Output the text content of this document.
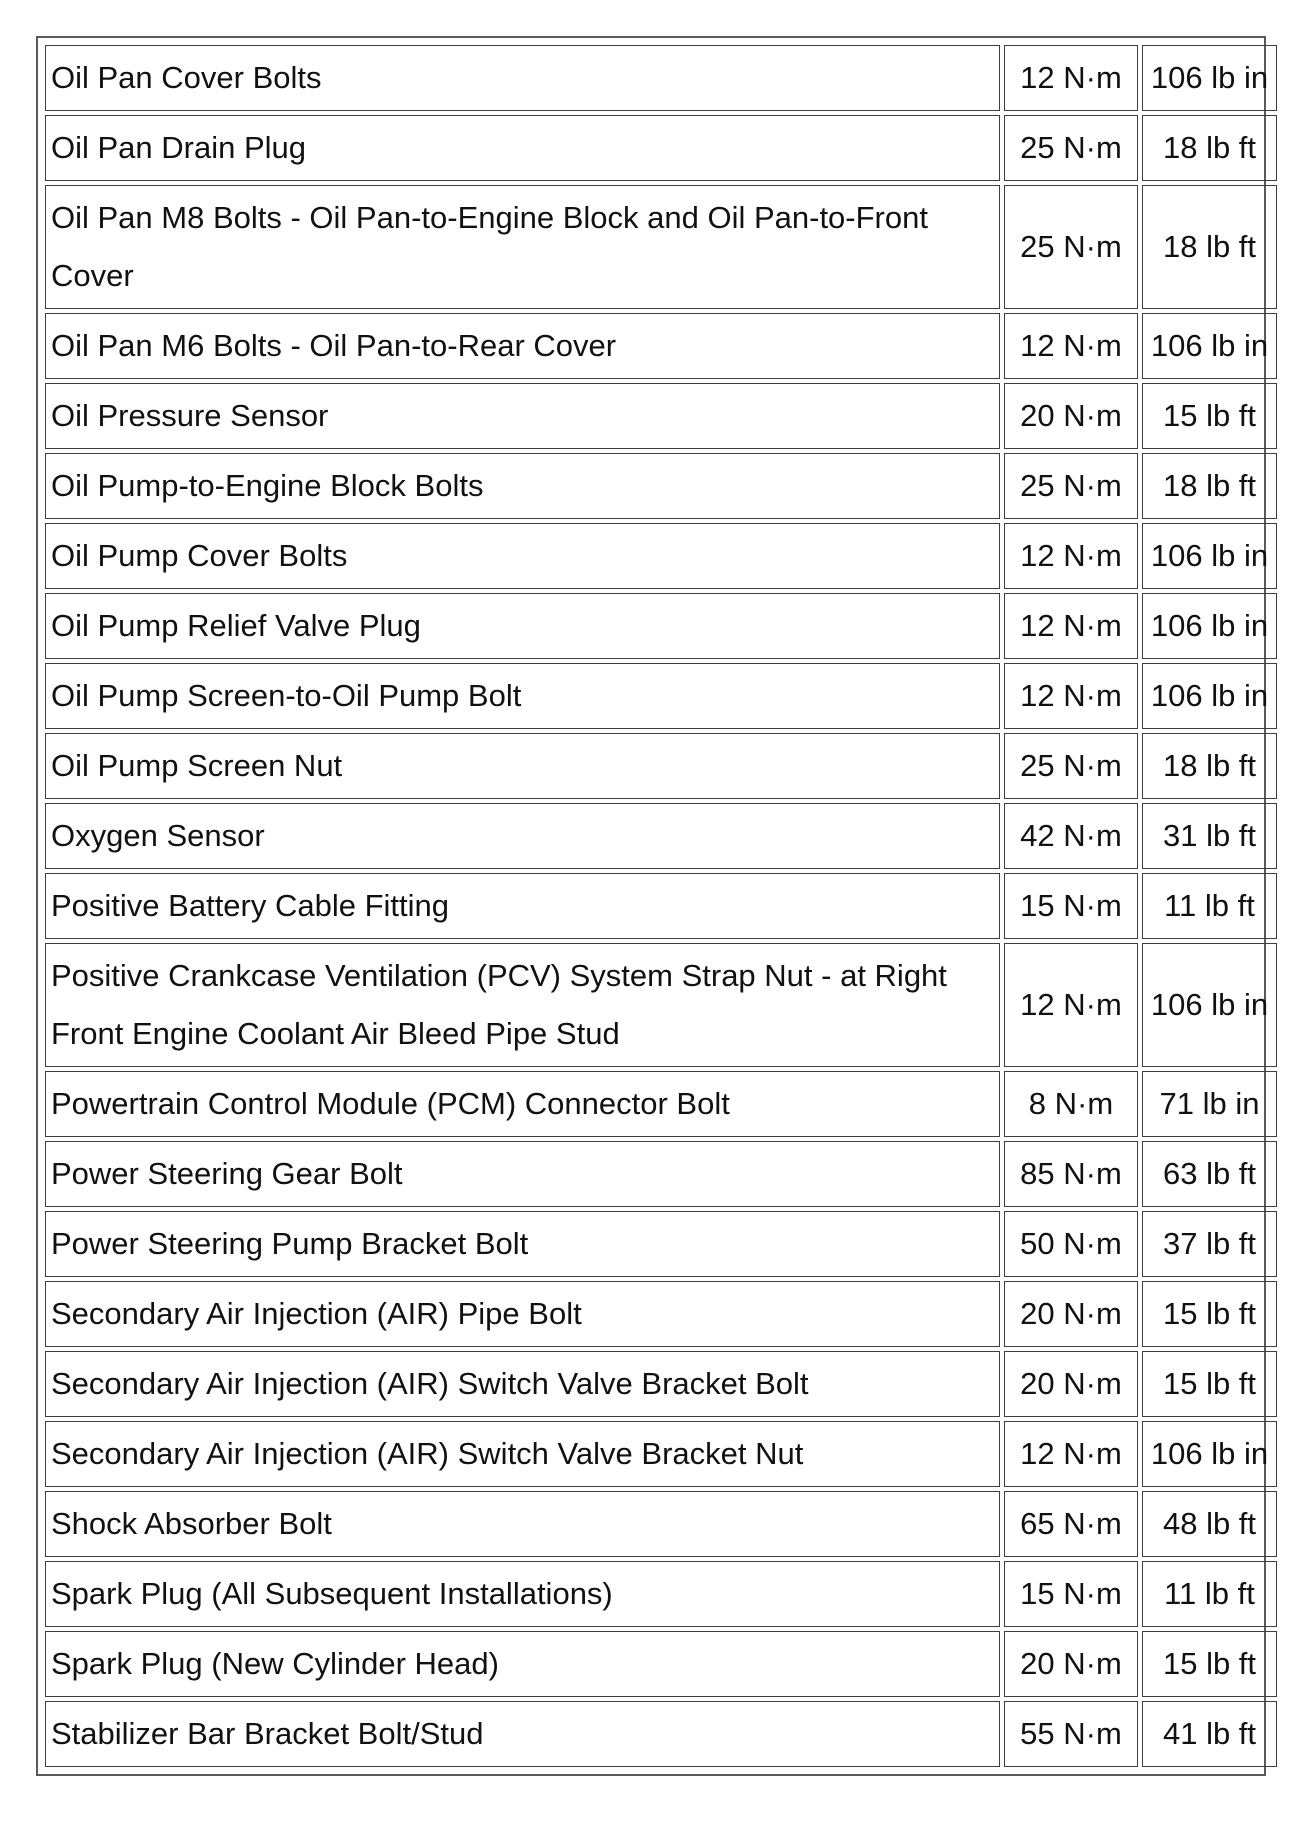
Oil Pan Cover Bolts	12 N·m	106 lb in
Oil Pan Drain Plug	25 N·m	18 lb ft
Oil Pan M8 Bolts - Oil Pan-to-Engine Block and Oil Pan-to-Front Cover	25 N·m	18 lb ft
Oil Pan M6 Bolts - Oil Pan-to-Rear Cover	12 N·m	106 lb in
Oil Pressure Sensor	20 N·m	15 lb ft
Oil Pump-to-Engine Block Bolts	25 N·m	18 lb ft
Oil Pump Cover Bolts	12 N·m	106 lb in
Oil Pump Relief Valve Plug	12 N·m	106 lb in
Oil Pump Screen-to-Oil Pump Bolt	12 N·m	106 lb in
Oil Pump Screen Nut	25 N·m	18 lb ft
Oxygen Sensor	42 N·m	31 lb ft
Positive Battery Cable Fitting	15 N·m	11 lb ft
Positive Crankcase Ventilation (PCV) System Strap Nut - at Right Front Engine Coolant Air Bleed Pipe Stud	12 N·m	106 lb in
Powertrain Control Module (PCM) Connector Bolt	8 N·m	71 lb in
Power Steering Gear Bolt	85 N·m	63 lb ft
Power Steering Pump Bracket Bolt	50 N·m	37 lb ft
Secondary Air Injection (AIR) Pipe Bolt	20 N·m	15 lb ft
Secondary Air Injection (AIR) Switch Valve Bracket Bolt	20 N·m	15 lb ft
Secondary Air Injection (AIR) Switch Valve Bracket Nut	12 N·m	106 lb in
Shock Absorber Bolt	65 N·m	48 lb ft
Spark Plug (All Subsequent Installations)	15 N·m	11 lb ft
Spark Plug (New Cylinder Head)	20 N·m	15 lb ft
Stabilizer Bar Bracket Bolt/Stud	55 N·m	41 lb ft
